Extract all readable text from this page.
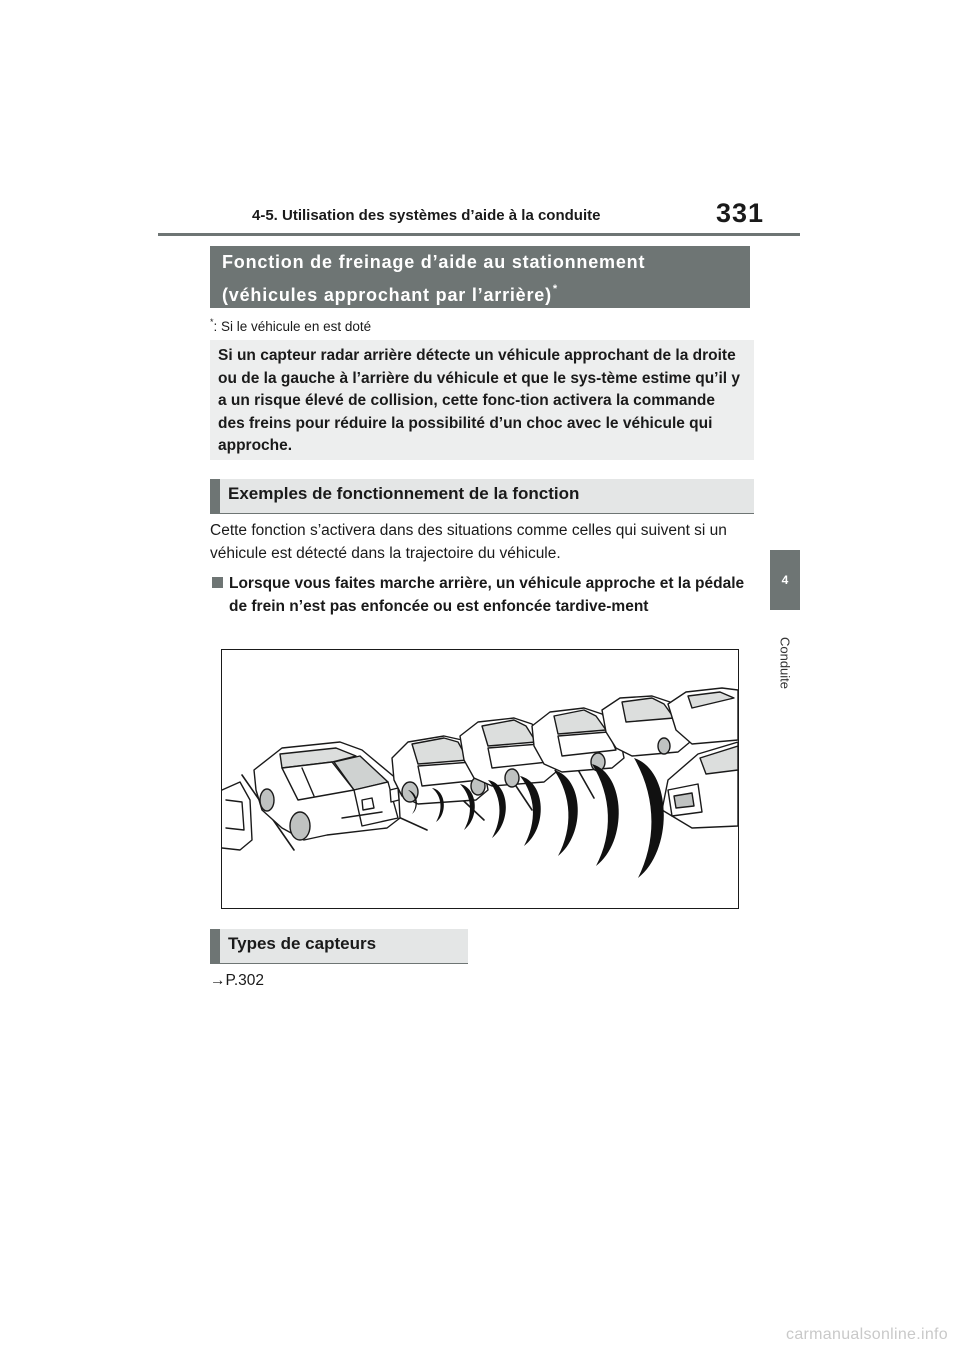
4-5. Utilisation des systèmes d’aide à la conduite	331
4
Conduite
Fonction de freinage d’aide au stationnement
(véhicules approchant par l’arrière)*
*: Si le véhicule en est doté
Si un capteur radar arrière détecte un véhicule approchant de la droite ou de la gauche à l’arrière du véhicule et que le sys-tème estime qu’il y a un risque élevé de collision, cette fonc-tion activera la commande des freins pour réduire la possibilité d’un choc avec le véhicule qui approche.
Exemples de fonctionnement de la fonction
Cette fonction s’activera dans des situations comme celles qui suivent si un véhicule est détecté dans la trajectoire du véhicule.
Lorsque vous faites marche arrière, un véhicule approche et la pédale de frein n’est pas enfoncée ou est enfoncée tardive-ment
Types de capteurs
→P.302
carmanualsonline.info
